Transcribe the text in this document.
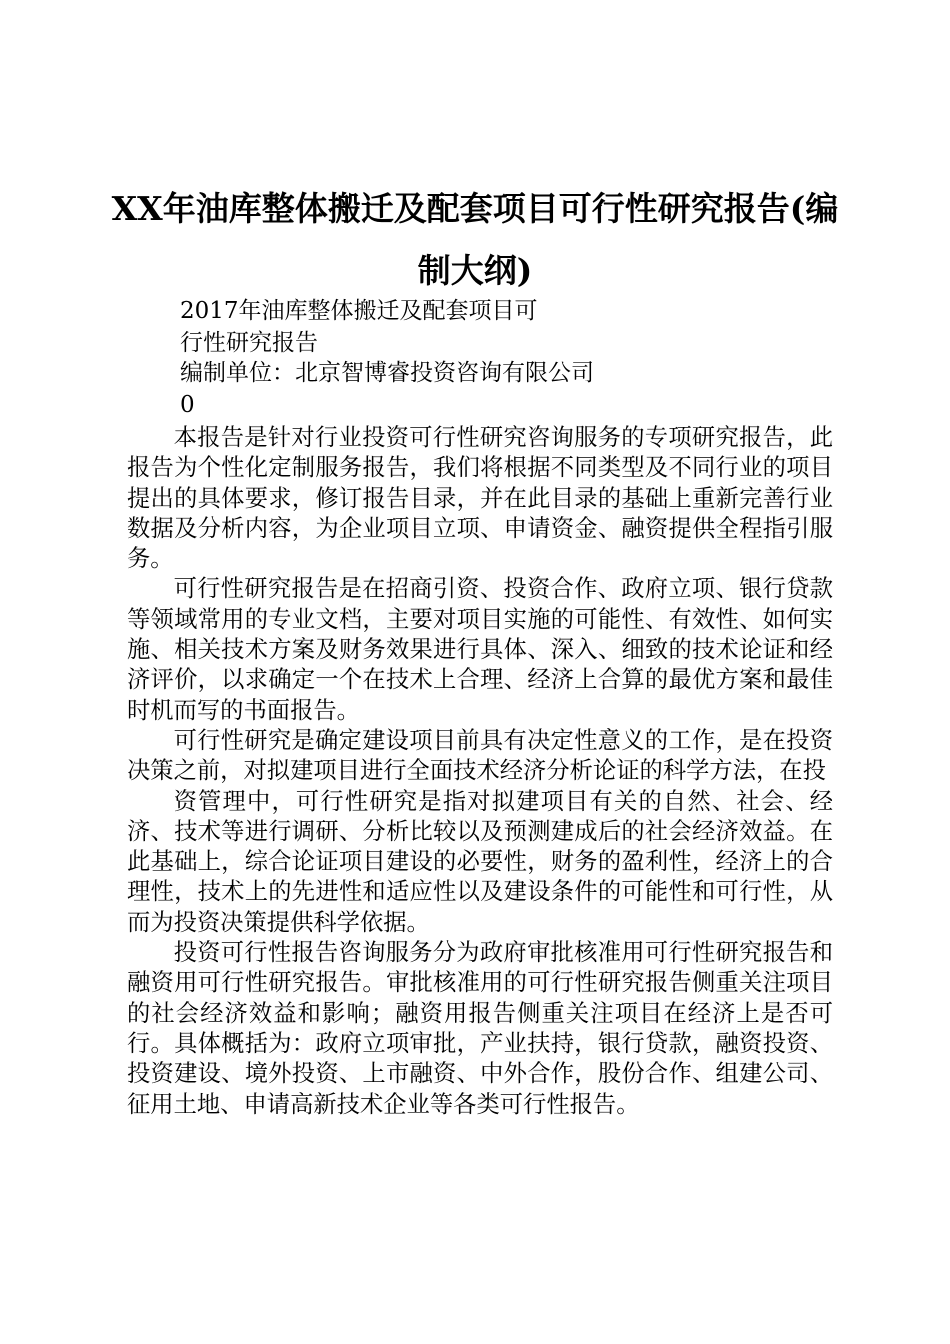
XX年油库整体搬迁及配套项目可行性研究报告(编制大纲)

2017年油库整体搬迁及配套项目可

行性研究报告

编制单位：北京智博睿投资咨询有限公司

0

本报告是针对行业投资可行性研究咨询服务的专项研究报告，此报告为个性化定制服务报告，我们将根据不同类型及不同行业的项目提出的具体要求，修订报告目录，并在此目录的基础上重新完善行业数据及分析内容，为企业项目立项、申请资金、融资提供全程指引服务。

可行性研究报告是在招商引资、投资合作、政府立项、银行贷款等领域常用的专业文档，主要对项目实施的可能性、有效性、如何实施、相关技术方案及财务效果进行具体、深入、细致的技术论证和经济评价，以求确定一个在技术上合理、经济上合算的最优方案和最佳时机而写的书面报告。

可行性研究是确定建设项目前具有决定性意义的工作，是在投资决策之前，对拟建项目进行全面技术经济分析论证的科学方法，在投

资管理中，可行性研究是指对拟建项目有关的自然、社会、经济、技术等进行调研、分析比较以及预测建成后的社会经济效益。在此基础上，综合论证项目建设的必要性，财务的盈利性，经济上的合理性，技术上的先进性和适应性以及建设条件的可能性和可行性，从而为投资决策提供科学依据。

投资可行性报告咨询服务分为政府审批核准用可行性研究报告和融资用可行性研究报告。审批核准用的可行性研究报告侧重关注项目的社会经济效益和影响；融资用报告侧重关注项目在经济上是否可行。具体概括为：政府立项审批，产业扶持，银行贷款，融资投资、投资建设、境外投资、上市融资、中外合作，股份合作、组建公司、征用土地、申请高新技术企业等各类可行性报告。
